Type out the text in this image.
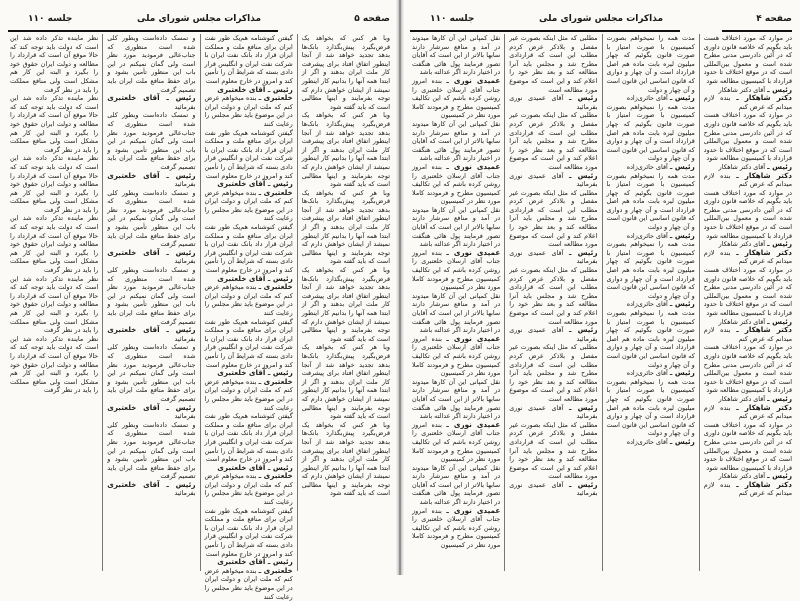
صفحه ۵
مذاکرات مجلس شورای ملی
جلسه ۱۱۰

وبا هر کس که بخواهد یک قرض‌بگیرد پیش‌بگذارد بانک‌ها بدهد تجدید خواهد شد از آنجا اینطور اتفاق افتاد برای پیشرفت کار ملت ایران بدهند و اگر از ابتدا همه آنها را بدانیم کار اینطور نمیشد از ایشان خواهش دارم که توجه بفرمایند و اینها مطالبی است که باید گفته شود

وبا هر کس که بخواهد یک قرض‌بگیرد پیش‌بگذارد بانک‌ها بدهد تجدید خواهد شد از آنجا اینطور اتفاق افتاد برای پیشرفت کار ملت ایران بدهند و اگر از ابتدا همه آنها را بدانیم کار اینطور نمیشد از ایشان خواهش دارم که توجه بفرمایند و اینها مطالبی است که باید گفته شود

وبا هر کس که بخواهد یک قرض‌بگیرد پیش‌بگذارد بانک‌ها بدهد تجدید خواهد شد از آنجا اینطور اتفاق افتاد برای پیشرفت کار ملت ایران بدهند و اگر از ابتدا همه آنها را بدانیم کار اینطور نمیشد از ایشان خواهش دارم که توجه بفرمایند و اینها مطالبی است که باید گفته شود

وبا هر کس که بخواهد یک قرض‌بگیرد پیش‌بگذارد بانک‌ها بدهد تجدید خواهد شد از آنجا اینطور اتفاق افتاد برای پیشرفت کار ملت ایران بدهند و اگر از ابتدا همه آنها را بدانیم کار اینطور نمیشد از ایشان خواهش دارم که توجه بفرمایند و اینها مطالبی است که باید گفته شود

وبا هر کس که بخواهد یک قرض‌بگیرد پیش‌بگذارد بانک‌ها بدهد تجدید خواهد شد از آنجا اینطور اتفاق افتاد برای پیشرفت کار ملت ایران بدهند و اگر از ابتدا همه آنها را بدانیم کار اینطور نمیشد از ایشان خواهش دارم که توجه بفرمایند و اینها مطالبی است که باید گفته شود

وبا هر کس که بخواهد یک قرض‌بگیرد پیش‌بگذارد بانک‌ها بدهد تجدید خواهد شد از آنجا اینطور اتفاق افتاد برای پیشرفت کار ملت ایران بدهند و اگر از ابتدا همه آنها را بدانیم کار اینطور نمیشد از ایشان خواهش دارم که توجه بفرمایند و اینها مطالبی است که باید گفته شود

گیفتن کنوشنامه هم‌یک طور نفت ایران برای منافع ملت و مملکت ایران قرار داد بانک نفت ایران با شرکت نفت ایران و انگلیس قرار دادی بسته که شرایط آن را تأمین کند و امروز در خارج معلوم است

رئیس ـ آقای خلعتبری

خلعتبری ـ بنده میخواهم عرض کنم که ملت ایران و دولت ایران در این موضوع باید نظر مجلس را رعایت کنند

گیفتن کنوشنامه هم‌یک طور نفت ایران برای منافع ملت و مملکت ایران قرار داد بانک نفت ایران با شرکت نفت ایران و انگلیس قرار دادی بسته که شرایط آن را تأمین کند و امروز در خارج معلوم است

رئیس ـ آقای خلعتبری

خلعتبری ـ بنده میخواهم عرض کنم که ملت ایران و دولت ایران در این موضوع باید نظر مجلس را رعایت کنند

گیفتن کنوشنامه هم‌یک طور نفت ایران برای منافع ملت و مملکت ایران قرار داد بانک نفت ایران با شرکت نفت ایران و انگلیس قرار دادی بسته که شرایط آن را تأمین کند و امروز در خارج معلوم است

رئیس ـ آقای خلعتبری

خلعتبری ـ بنده میخواهم عرض کنم که ملت ایران و دولت ایران در این موضوع باید نظر مجلس را رعایت کنند

گیفتن کنوشنامه هم‌یک طور نفت ایران برای منافع ملت و مملکت ایران قرار داد بانک نفت ایران با شرکت نفت ایران و انگلیس قرار دادی بسته که شرایط آن را تأمین کند و امروز در خارج معلوم است

رئیس ـ آقای خلعتبری

خلعتبری ـ بنده میخواهم عرض کنم که ملت ایران و دولت ایران در این موضوع باید نظر مجلس را رعایت کنند

گیفتن کنوشنامه هم‌یک طور نفت ایران برای منافع ملت و مملکت ایران قرار داد بانک نفت ایران با شرکت نفت ایران و انگلیس قرار دادی بسته که شرایط آن را تأمین کند و امروز در خارج معلوم است

رئیس ـ آقای خلعتبری

خلعتبری ـ بنده میخواهم عرض کنم که ملت ایران و دولت ایران در این موضوع باید نظر مجلس را رعایت کنند

گیفتن کنوشنامه هم‌یک طور نفت ایران برای منافع ملت و مملکت ایران قرار داد بانک نفت ایران با شرکت نفت ایران و انگلیس قرار دادی بسته که شرایط آن را تأمین کند و امروز در خارج معلوم است

رئیس ـ آقای خلعتبری

خلعتبری ـ بنده میخواهم عرض کنم که ملت ایران و دولت ایران در این موضوع باید نظر مجلس را رعایت کنند

و تمسک داده‌است وبطور کلی شده است منظوری که جناب‌عالی فرمودید مورد نظر است ولی گمان نمیکنم در این باب این منظور تأمین بشود و برای حفظ منافع ملت ایران باید تصمیم گرفت

رئیس ـ آقای خلعتبری بفرمائید

و تمسک داده‌است وبطور کلی شده است منظوری که جناب‌عالی فرمودید مورد نظر است ولی گمان نمیکنم در این باب این منظور تأمین بشود و برای حفظ منافع ملت ایران باید تصمیم گرفت

رئیس ـ آقای خلعتبری بفرمائید

و تمسک داده‌است وبطور کلی شده است منظوری که جناب‌عالی فرمودید مورد نظر است ولی گمان نمیکنم در این باب این منظور تأمین بشود و برای حفظ منافع ملت ایران باید تصمیم گرفت

رئیس ـ آقای خلعتبری بفرمائید

و تمسک داده‌است وبطور کلی شده است منظوری که جناب‌عالی فرمودید مورد نظر است ولی گمان نمیکنم در این باب این منظور تأمین بشود و برای حفظ منافع ملت ایران باید تصمیم گرفت

رئیس ـ آقای خلعتبری بفرمائید

و تمسک داده‌است وبطور کلی شده است منظوری که جناب‌عالی فرمودید مورد نظر است ولی گمان نمیکنم در این باب این منظور تأمین بشود و برای حفظ منافع ملت ایران باید تصمیم گرفت

رئیس ـ آقای خلعتبری بفرمائید

و تمسک داده‌است وبطور کلی شده است منظوری که جناب‌عالی فرمودید مورد نظر است ولی گمان نمیکنم در این باب این منظور تأمین بشود و برای حفظ منافع ملت ایران باید تصمیم گرفت

رئیس ـ آقای خلعتبری بفرمائید

نظر ماینده تذکر داده شد این است که دولت باید توجه کند که حالا موقع آن است که قرارداد را مطالعه و دولت ایران حقوق خود را بگیرد و البته این کار هم مشکل است ولی منافع مملکت را باید در نظر گرفت

نظر ماینده تذکر داده شد این است که دولت باید توجه کند که حالا موقع آن است که قرارداد را مطالعه و دولت ایران حقوق خود را بگیرد و البته این کار هم مشکل است ولی منافع مملکت را باید در نظر گرفت

نظر ماینده تذکر داده شد این است که دولت باید توجه کند که حالا موقع آن است که قرارداد را مطالعه و دولت ایران حقوق خود را بگیرد و البته این کار هم مشکل است ولی منافع مملکت را باید در نظر گرفت

نظر ماینده تذکر داده شد این است که دولت باید توجه کند که حالا موقع آن است که قرارداد را مطالعه و دولت ایران حقوق خود را بگیرد و البته این کار هم مشکل است ولی منافع مملکت را باید در نظر گرفت

نظر ماینده تذکر داده شد این است که دولت باید توجه کند که حالا موقع آن است که قرارداد را مطالعه و دولت ایران حقوق خود را بگیرد و البته این کار هم مشکل است ولی منافع مملکت را باید در نظر گرفت

نظر ماینده تذکر داده شد این است که دولت باید توجه کند که حالا موقع آن است که قرارداد را مطالعه و دولت ایران حقوق خود را بگیرد و البته این کار هم مشکل است ولی منافع مملکت را باید در نظر گرفت

صفحه ۴
مذاکرات مجلس شورای ملی
جلسه ۱۱۰

در موارد که مورد اختلاف هست باید بگویم که خلاصه قانون داوری که در آئین دادرسی مدنی مطرح شده است و معمول بین‌المللی است که در موقع اختلاف تا حدود قرارداد با کمیسیون مطالعه شود

رئیس ـ آقای دکتر شاهکار

دکتر شاهکار ـ بنده لازم میدانم که عرض کنم

در موارد که مورد اختلاف هست باید بگویم که خلاصه قانون داوری که در آئین دادرسی مدنی مطرح شده است و معمول بین‌المللی است که در موقع اختلاف تا حدود قرارداد با کمیسیون مطالعه شود

رئیس ـ آقای دکتر شاهکار

دکتر شاهکار ـ بنده لازم میدانم که عرض کنم

در موارد که مورد اختلاف هست باید بگویم که خلاصه قانون داوری که در آئین دادرسی مدنی مطرح شده است و معمول بین‌المللی است که در موقع اختلاف تا حدود قرارداد با کمیسیون مطالعه شود

رئیس ـ آقای دکتر شاهکار

دکتر شاهکار ـ بنده لازم میدانم که عرض کنم

در موارد که مورد اختلاف هست باید بگویم که خلاصه قانون داوری که در آئین دادرسی مدنی مطرح شده است و معمول بین‌المللی است که در موقع اختلاف تا حدود قرارداد با کمیسیون مطالعه شود

رئیس ـ آقای دکتر شاهکار

دکتر شاهکار ـ بنده لازم میدانم که عرض کنم

در موارد که مورد اختلاف هست باید بگویم که خلاصه قانون داوری که در آئین دادرسی مدنی مطرح شده است و معمول بین‌المللی است که در موقع اختلاف تا حدود قرارداد با کمیسیون مطالعه شود

رئیس ـ آقای دکتر شاهکار

دکتر شاهکار ـ بنده لازم میدانم که عرض کنم

در موارد که مورد اختلاف هست باید بگویم که خلاصه قانون داوری که در آئین دادرسی مدنی مطرح شده است و معمول بین‌المللی است که در موقع اختلاف تا حدود قرارداد با کمیسیون مطالعه شود

رئیس ـ آقای دکتر شاهکار

دکتر شاهکار ـ بنده لازم میدانم که عرض کنم

مدت همه را نمیخواهم بصورت کمیسیون با صورت امتیاز با صورت قانون بگوئیم که چهار میلیون لیره بابت ماده هم اصل قرارداد است و آن چهار و دواری که قانون اساسی این قانون است و آن چهار و دولت

رئیس ـ آقای حائری‌زاده

مدت همه را نمیخواهم بصورت کمیسیون با صورت امتیاز با صورت قانون بگوئیم که چهار میلیون لیره بابت ماده هم اصل قرارداد است و آن چهار و دواری که قانون اساسی این قانون است و آن چهار و دولت

رئیس ـ آقای حائری‌زاده

مدت همه را نمیخواهم بصورت کمیسیون با صورت امتیاز با صورت قانون بگوئیم که چهار میلیون لیره بابت ماده هم اصل قرارداد است و آن چهار و دواری که قانون اساسی این قانون است و آن چهار و دولت

رئیس ـ آقای حائری‌زاده

مدت همه را نمیخواهم بصورت کمیسیون با صورت امتیاز با صورت قانون بگوئیم که چهار میلیون لیره بابت ماده هم اصل قرارداد است و آن چهار و دواری که قانون اساسی این قانون است و آن چهار و دولت

رئیس ـ آقای حائری‌زاده

مدت همه را نمیخواهم بصورت کمیسیون با صورت امتیاز با صورت قانون بگوئیم که چهار میلیون لیره بابت ماده هم اصل قرارداد است و آن چهار و دواری که قانون اساسی این قانون است و آن چهار و دولت

رئیس ـ آقای حائری‌زاده

مدت همه را نمیخواهم بصورت کمیسیون با صورت امتیاز با صورت قانون بگوئیم که چهار میلیون لیره بابت ماده هم اصل قرارداد است و آن چهار و دواری که قانون اساسی این قانون است و آن چهار و دولت

رئیس ـ آقای حائری‌زاده

مطلبی که مثل اینکه بصورت غیر مفصل و بلاذکر عرض کردم مطلب این است که قراردادی مطرح شد و مجلس باید آنرا مطالعه کند و بعد نظر خود را اعلام کند و این است که موضوع مورد مطالعه است

رئیس ـ آقای عمیدی نوری بفرمائید

مطلبی که مثل اینکه بصورت غیر مفصل و بلاذکر عرض کردم مطلب این است که قراردادی مطرح شد و مجلس باید آنرا مطالعه کند و بعد نظر خود را اعلام کند و این است که موضوع مورد مطالعه است

رئیس ـ آقای عمیدی نوری بفرمائید

مطلبی که مثل اینکه بصورت غیر مفصل و بلاذکر عرض کردم مطلب این است که قراردادی مطرح شد و مجلس باید آنرا مطالعه کند و بعد نظر خود را اعلام کند و این است که موضوع مورد مطالعه است

رئیس ـ آقای عمیدی نوری بفرمائید

مطلبی که مثل اینکه بصورت غیر مفصل و بلاذکر عرض کردم مطلب این است که قراردادی مطرح شد و مجلس باید آنرا مطالعه کند و بعد نظر خود را اعلام کند و این است که موضوع مورد مطالعه است

رئیس ـ آقای عمیدی نوری بفرمائید

مطلبی که مثل اینکه بصورت غیر مفصل و بلاذکر عرض کردم مطلب این است که قراردادی مطرح شد و مجلس باید آنرا مطالعه کند و بعد نظر خود را اعلام کند و این است که موضوع مورد مطالعه است

رئیس ـ آقای عمیدی نوری بفرمائید

مطلبی که مثل اینکه بصورت غیر مفصل و بلاذکر عرض کردم مطلب این است که قراردادی مطرح شد و مجلس باید آنرا مطالعه کند و بعد نظر خود را اعلام کند و این است که موضوع مورد مطالعه است

رئیس ـ آقای عمیدی نوری بفرمائید

نقل کمپانی این آن کارها میدوند در آمد و منافع سرشار دارند سابها بالاتر از این است که آقایان تصور فرمایند پول هائی هنگفت در اختیار دارند اگر عدالته باشد

عمیدی نوری ـ بنده امروز جناب آقای ارسلان خلعتبری را روشن کرده باشم که این تکالیف کمیسیون مطرح و فرمودند کاملا مورد نظر در کمیسیون

نقل کمپانی این آن کارها میدوند در آمد و منافع سرشار دارند سابها بالاتر از این است که آقایان تصور فرمایند پول هائی هنگفت در اختیار دارند اگر عدالته باشد

عمیدی نوری ـ بنده امروز جناب آقای ارسلان خلعتبری را روشن کرده باشم که این تکالیف کمیسیون مطرح و فرمودند کاملا مورد نظر در کمیسیون

نقل کمپانی این آن کارها میدوند در آمد و منافع سرشار دارند سابها بالاتر از این است که آقایان تصور فرمایند پول هائی هنگفت در اختیار دارند اگر عدالته باشد

عمیدی نوری ـ بنده امروز جناب آقای ارسلان خلعتبری را روشن کرده باشم که این تکالیف کمیسیون مطرح و فرمودند کاملا مورد نظر در کمیسیون

نقل کمپانی این آن کارها میدوند در آمد و منافع سرشار دارند سابها بالاتر از این است که آقایان تصور فرمایند پول هائی هنگفت در اختیار دارند اگر عدالته باشد

عمیدی نوری ـ بنده امروز جناب آقای ارسلان خلعتبری را روشن کرده باشم که این تکالیف کمیسیون مطرح و فرمودند کاملا مورد نظر در کمیسیون

نقل کمپانی این آن کارها میدوند در آمد و منافع سرشار دارند سابها بالاتر از این است که آقایان تصور فرمایند پول هائی هنگفت در اختیار دارند اگر عدالته باشد

عمیدی نوری ـ بنده امروز جناب آقای ارسلان خلعتبری را روشن کرده باشم که این تکالیف کمیسیون مطرح و فرمودند کاملا مورد نظر در کمیسیون

نقل کمپانی این آن کارها میدوند در آمد و منافع سرشار دارند سابها بالاتر از این است که آقایان تصور فرمایند پول هائی هنگفت در اختیار دارند اگر عدالته باشد

عمیدی نوری ـ بنده امروز جناب آقای ارسلان خلعتبری را روشن کرده باشم که این تکالیف کمیسیون مطرح و فرمودند کاملا مورد نظر در کمیسیون
